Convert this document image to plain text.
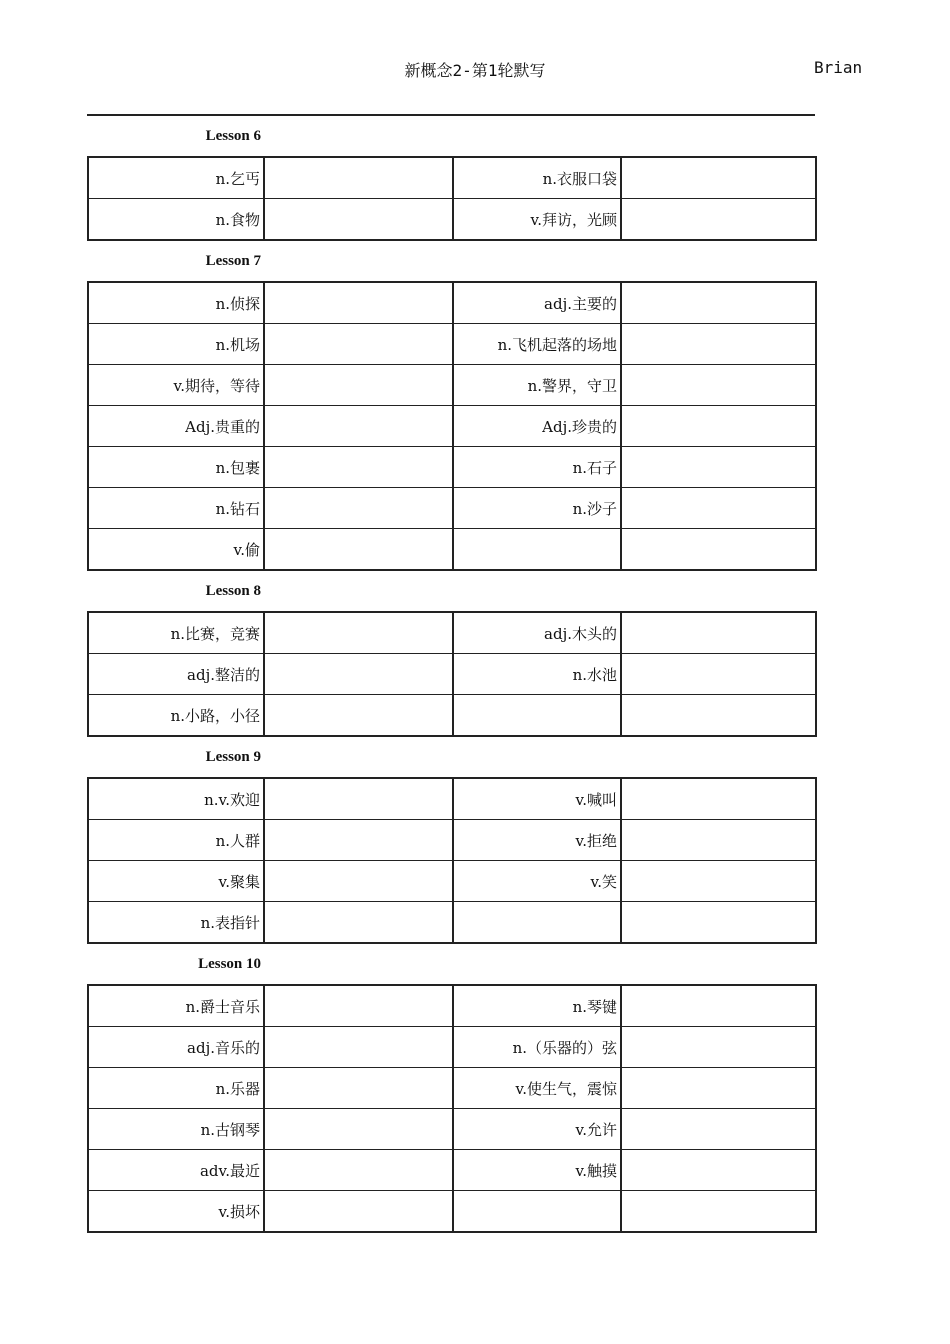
新概念2-第1轮默写	Brian
Lesson 6
n.乞丐		n.衣服口袋	
n.食物		v.拜访，光顾	
Lesson 7
n.侦探		adj.主要的	
n.机场		n.飞机起落的场地	
v.期待，等待		n.警界，守卫	
Adj.贵重的		Adj.珍贵的	
n.包裹		n.石子	
n.钻石		n.沙子	
v.偷			
Lesson 8
n.比赛，竞赛		adj.木头的	
adj.整洁的		n.水池	
n.小路，小径			
Lesson 9
n.v.欢迎		v.喊叫	
n.人群		v.拒绝	
v.聚集		v.笑	
n.表指针			
Lesson 10
n.爵士音乐		n.琴键	
adj.音乐的		n.（乐器的）弦	
n.乐器		v.使生气，震惊	
n.古钢琴		v.允许	
adv.最近		v.触摸	
v.损坏			
